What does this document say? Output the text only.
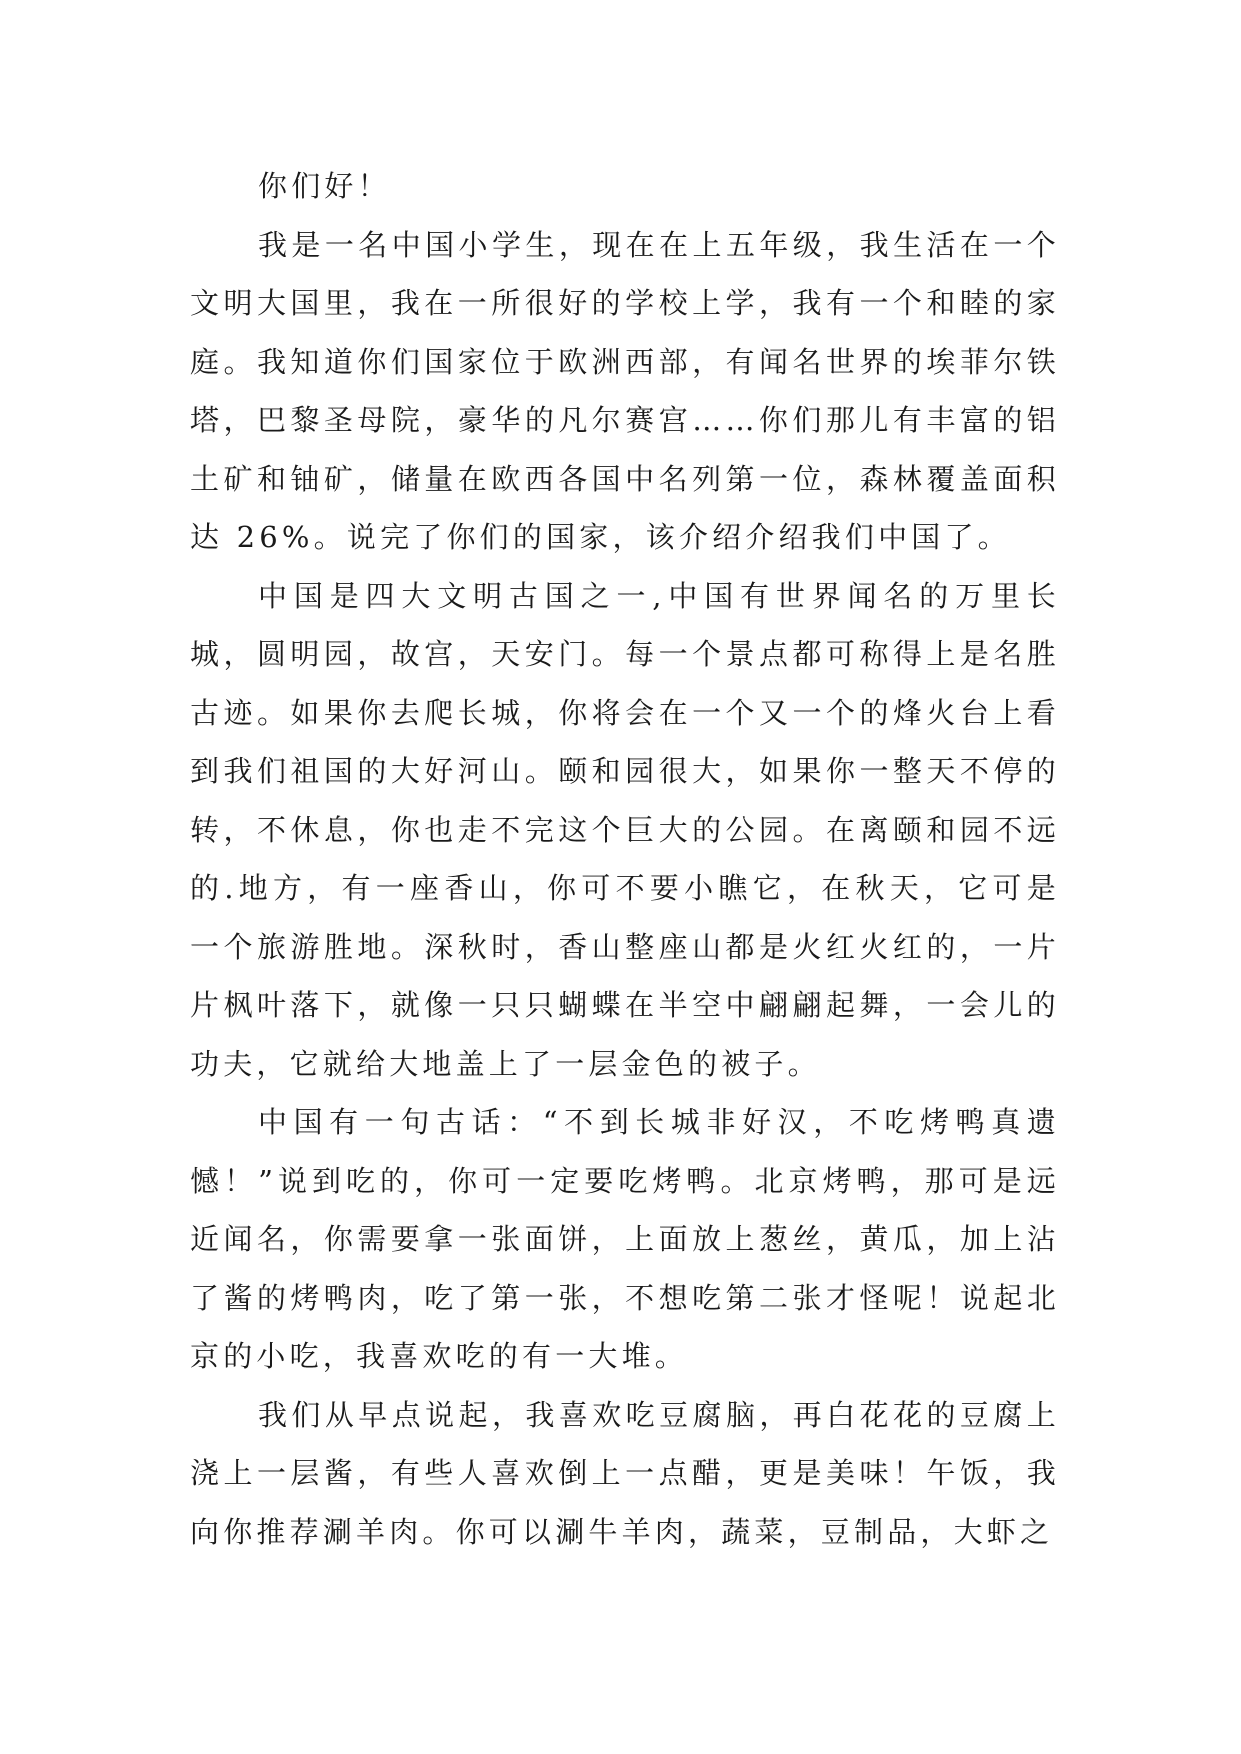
你们好！

我是一名中国小学生，现在在上五年级，我生活在一个文明大国里，我在一所很好的学校上学，我有一个和睦的家庭。我知道你们国家位于欧洲西部，有闻名世界的埃菲尔铁塔，巴黎圣母院，豪华的凡尔赛宫……你们那儿有丰富的铝土矿和铀矿，储量在欧西各国中名列第一位，森林覆盖面积达 26%。说完了你们的国家，该介绍介绍我们中国了。

中国是四大文明古国之一,中国有世界闻名的万里长城，圆明园，故宫，天安门。每一个景点都可称得上是名胜古迹。如果你去爬长城，你将会在一个又一个的烽火台上看到我们祖国的大好河山。颐和园很大，如果你一整天不停的转，不休息，你也走不完这个巨大的公园。在离颐和园不远的.地方，有一座香山，你可不要小瞧它，在秋天，它可是一个旅游胜地。深秋时，香山整座山都是火红火红的，一片片枫叶落下，就像一只只蝴蝶在半空中翩翩起舞，一会儿的功夫，它就给大地盖上了一层金色的被子。

中国有一句古话：“不到长城非好汉，不吃烤鸭真遗憾！”说到吃的，你可一定要吃烤鸭。北京烤鸭，那可是远近闻名，你需要拿一张面饼，上面放上葱丝，黄瓜，加上沾了酱的烤鸭肉，吃了第一张，不想吃第二张才怪呢！说起北京的小吃，我喜欢吃的有一大堆。

我们从早点说起，我喜欢吃豆腐脑，再白花花的豆腐上浇上一层酱，有些人喜欢倒上一点醋，更是美味！午饭，我向你推荐涮羊肉。你可以涮牛羊肉，蔬菜，豆制品，大虾之
